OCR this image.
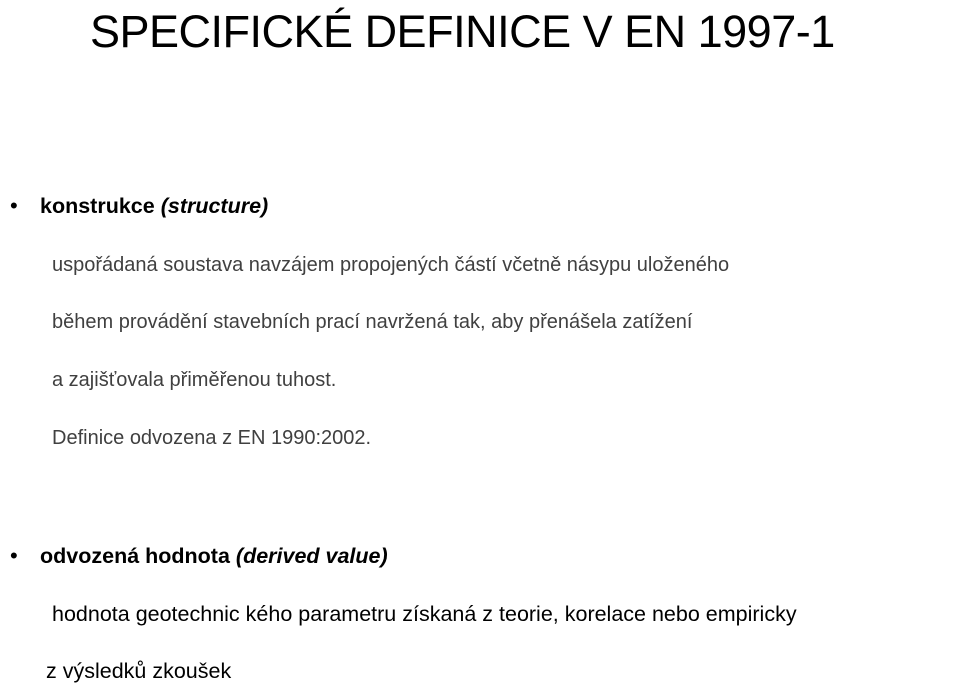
SPECIFICKÉ DEFINICE V EN 1997-1
• konstrukce (structure)
uspořádaná soustava navzájem propojených částí včetně násypu uloženého
během provádění stavebních prací navržená tak, aby přenášela zatížení
a zajišťovala přiměřenou tuhost.
Definice odvozena z EN 1990:2002.
• odvozená hodnota (derived value)
hodnota geotechnic kého parametru získaná z teorie, korelace nebo empiricky
z výsledků zkoušek
